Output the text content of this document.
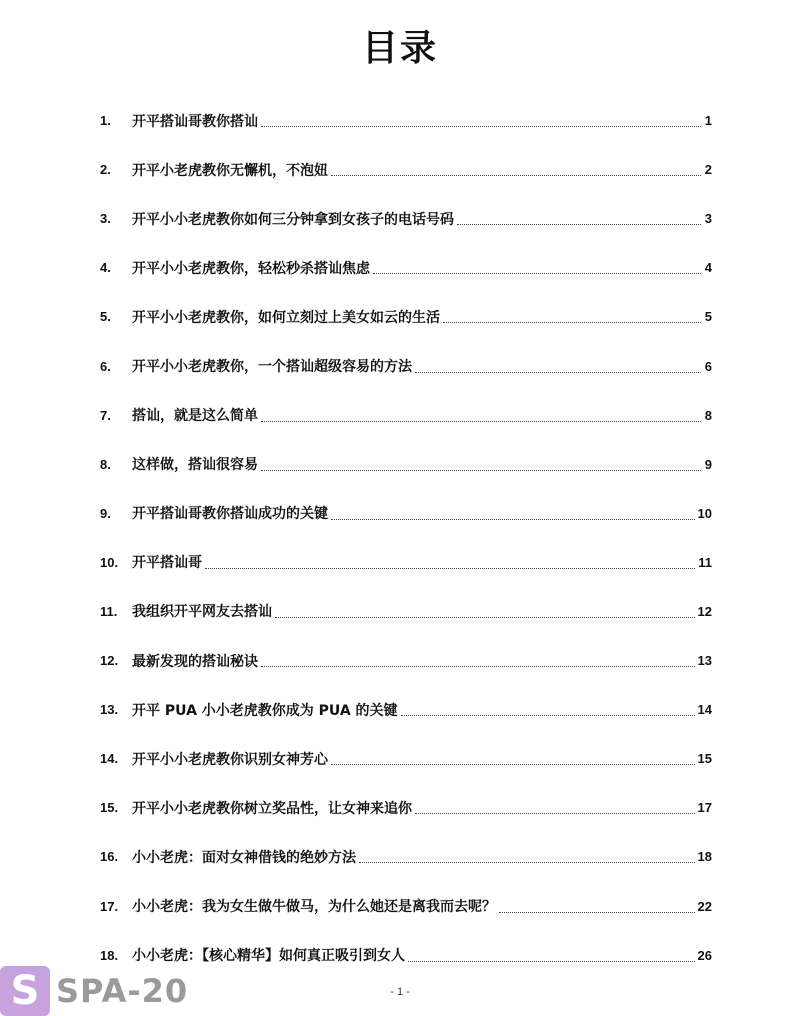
目录
1.	开平搭讪哥教你搭讪	1
2.	开平小老虎教你无懈机，不泡妞	2
3.	开平小小老虎教你如何三分钟拿到女孩子的电话号码	3
4.	开平小小老虎教你，轻松秒杀搭讪焦虑	4
5.	开平小小老虎教你，如何立刻过上美女如云的生活	5
6.	开平小小老虎教你，一个搭讪超级容易的方法	6
7.	搭讪，就是这么简单	8
8.	这样做，搭讪很容易	9
9.	开平搭讪哥教你搭讪成功的关键	10
10. 开平搭讪哥	11
11.	我组织开平网友去搭讪	12
12. 最新发现的搭讪秘诀	13
13. 开平 PUA 小小老虎教你成为 PUA 的关键	14
14. 开平小小老虎教你识别女神芳心	15
15. 开平小小老虎教你树立奖品性，让女神来追你	17
16. 小小老虎：面对女神借钱的绝妙方法	18
17. 小小老虎：我为女生做牛做马，为什么她还是离我而去呢？	22
18. 小小老虎：【核心精华】如何真正吸引到女人	26
- 1 -
S SPA-20
